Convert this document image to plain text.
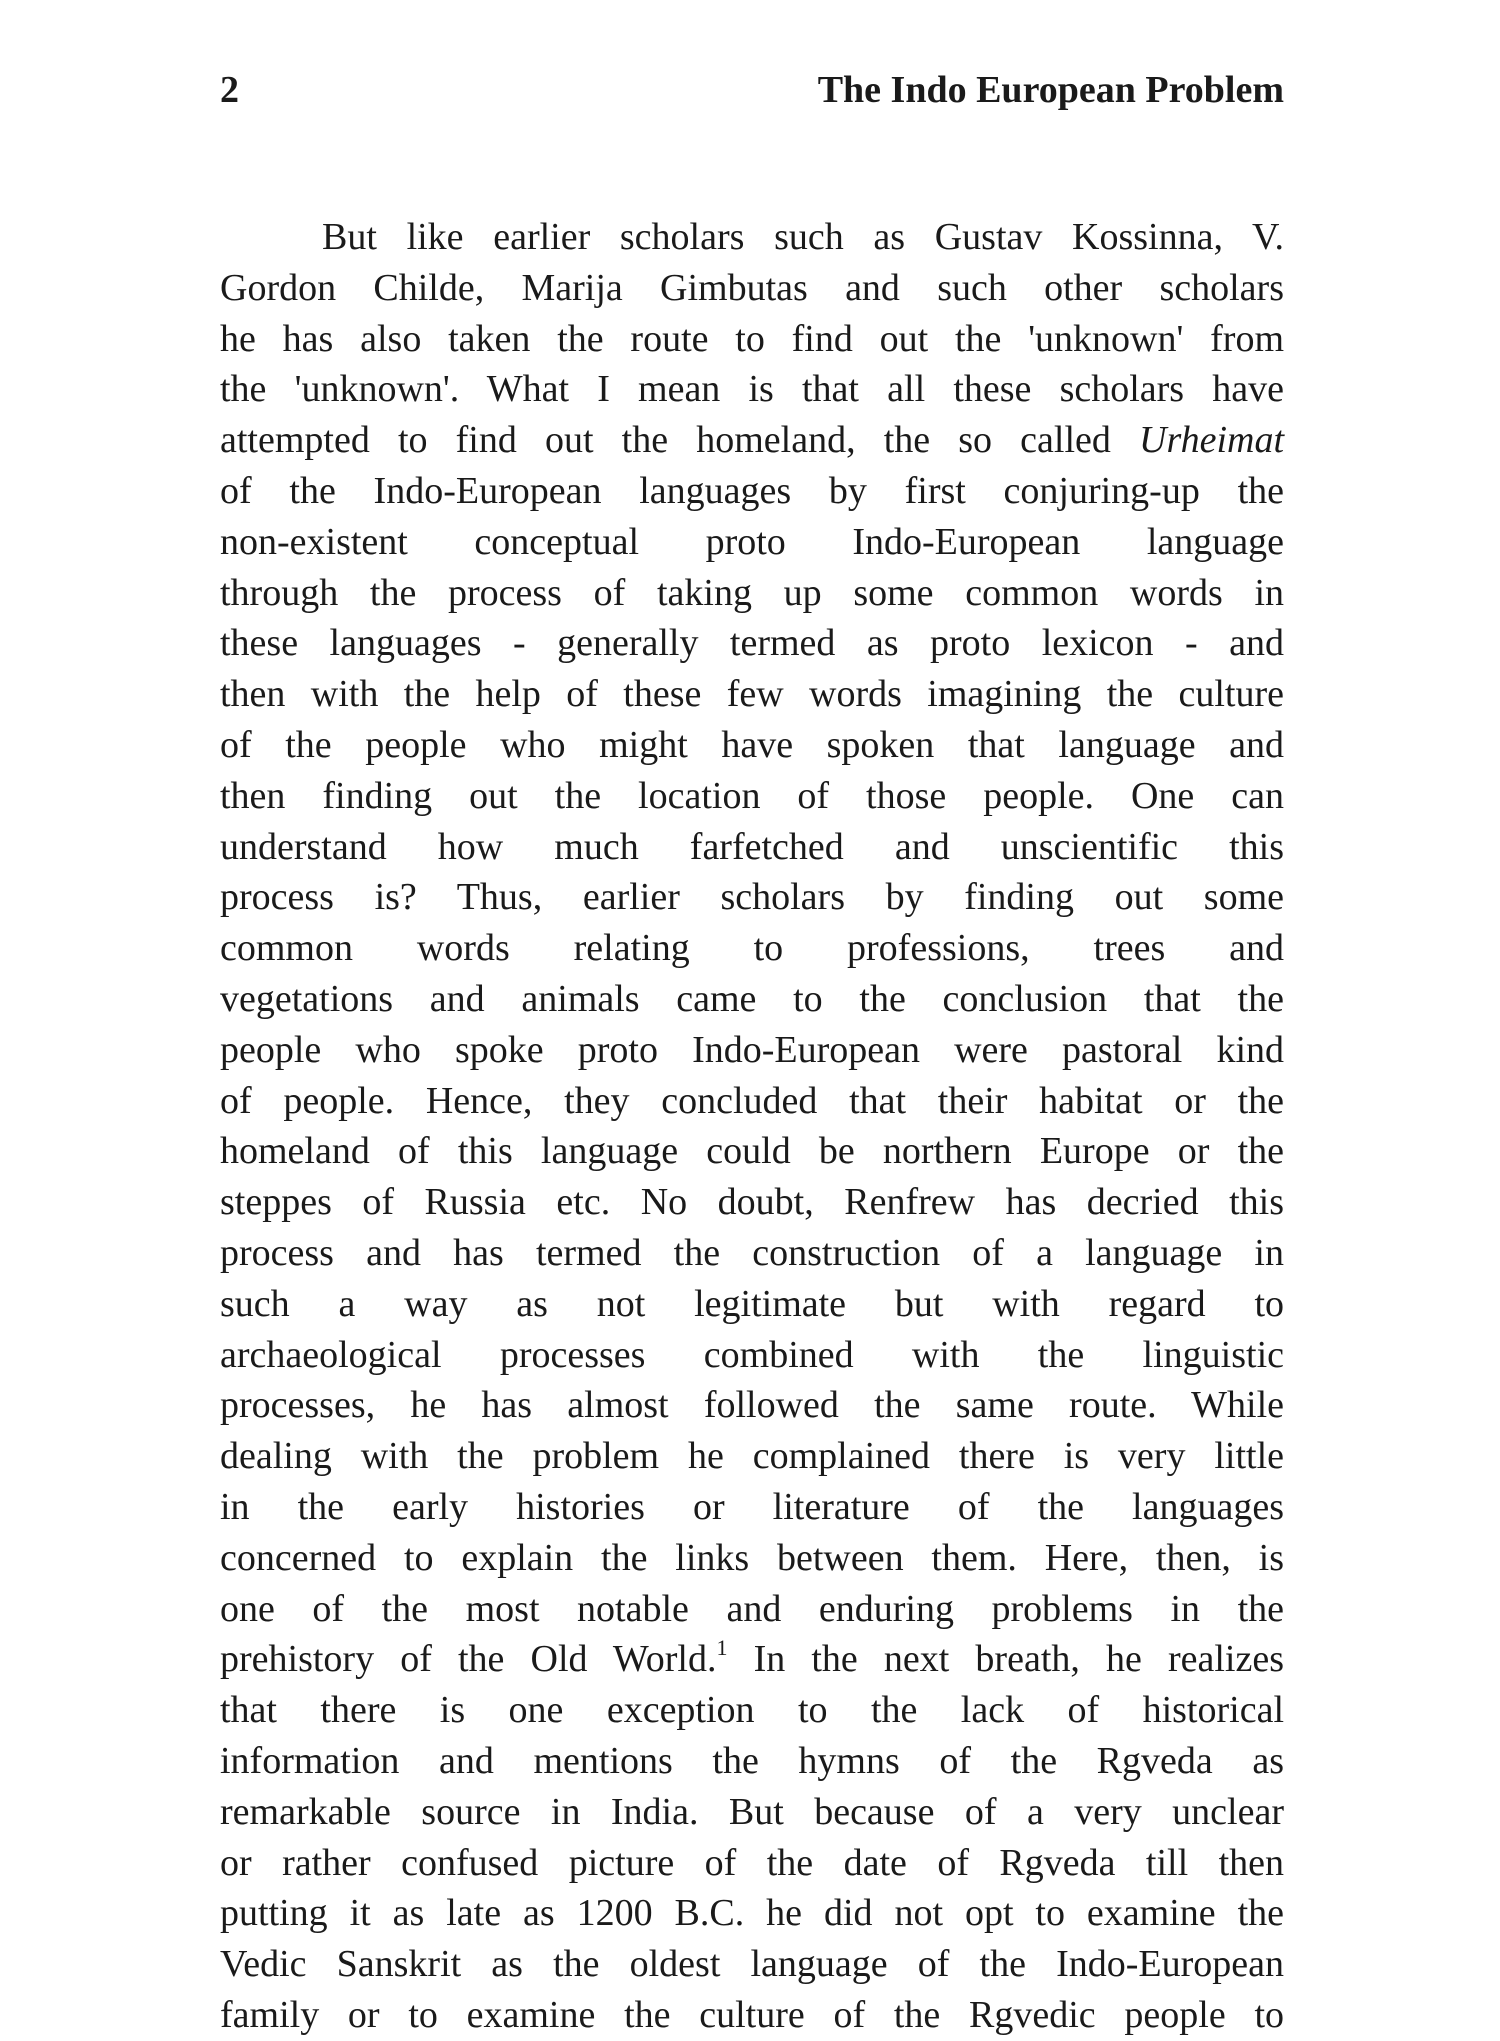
2	The Indo European Problem
But like earlier scholars such as Gustav Kossinna, V.
Gordon Childe, Marija Gimbutas and such other scholars
he has also taken the route to find out the 'unknown' from
the 'unknown'. What I mean is that all these scholars have
attempted to find out the homeland, the so called Urheimat
of the Indo-European languages by first conjuring-up the
non-existent conceptual proto Indo-European language
through the process of taking up some common words in
these languages - generally termed as proto lexicon - and
then with the help of these few words imagining the culture
of the people who might have spoken that language and
then finding out the location of those people. One can
understand how much farfetched and unscientific this
process is? Thus, earlier scholars by finding out some
common words relating to professions, trees and
vegetations and animals came to the conclusion that the
people who spoke proto Indo-European were pastoral kind
of people. Hence, they concluded that their habitat or the
homeland of this language could be northern Europe or the
steppes of Russia etc. No doubt, Renfrew has decried this
process and has termed the construction of a language in
such a way as not legitimate but with regard to
archaeological processes combined with the linguistic
processes, he has almost followed the same route. While
dealing with the problem he complained there is very little
in the early histories or literature of the languages
concerned to explain the links between them. Here, then, is
one of the most notable and enduring problems in the
prehistory of the Old World.$^1$ In the next breath, he realizes
that there is one exception to the lack of historical
information and mentions the hymns of the Rgveda as
remarkable source in India. But because of a very unclear
or rather confused picture of the date of Rgveda till then
putting it as late as 1200 B.C. he did not opt to examine the
Vedic Sanskrit as the oldest language of the Indo-European
family or to examine the culture of the Rgvedic people to
